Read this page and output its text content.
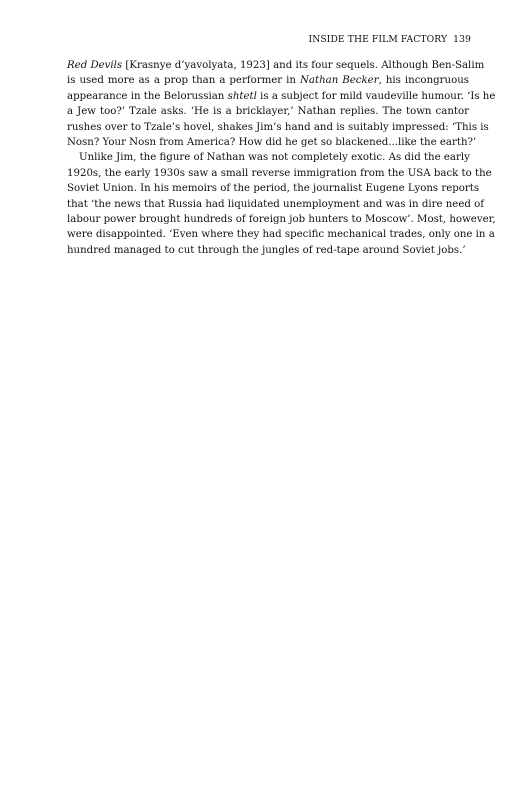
INSIDE THE FILM FACTORY 139

Red Devils [Krasnye d’yavolyata, 1923] and its four sequels. Although Ben-Salim
is used more as a prop than a performer in Nathan Becker, his incongruous
appearance in the Belorussian shtetl is a subject for mild vaudeville humour. ‘Is he
a Jew too?’ Tzale asks. ‘He is a bricklayer,’ Nathan replies. The town cantor
rushes over to Tzale’s hovel, shakes Jim’s hand and is suitably impressed: ‘This is
Nosn? Your Nosn from America? How did he get so blackened...like the earth?’

Unlike Jim, the figure of Nathan was not completely exotic. As did the early
1920s, the early 1930s saw a small reverse immigration from the USA back to the
Soviet Union. In his memoirs of the period, the journalist Eugene Lyons reports
that ‘the news that Russia had liquidated unemployment and was in dire need of
labour power brought hundreds of foreign job hunters to Moscow’. Most, however,
were disappointed. ‘Even where they had specific mechanical trades, only one in a
hundred managed to cut through the jungles of red-tape around Soviet jobs.’
